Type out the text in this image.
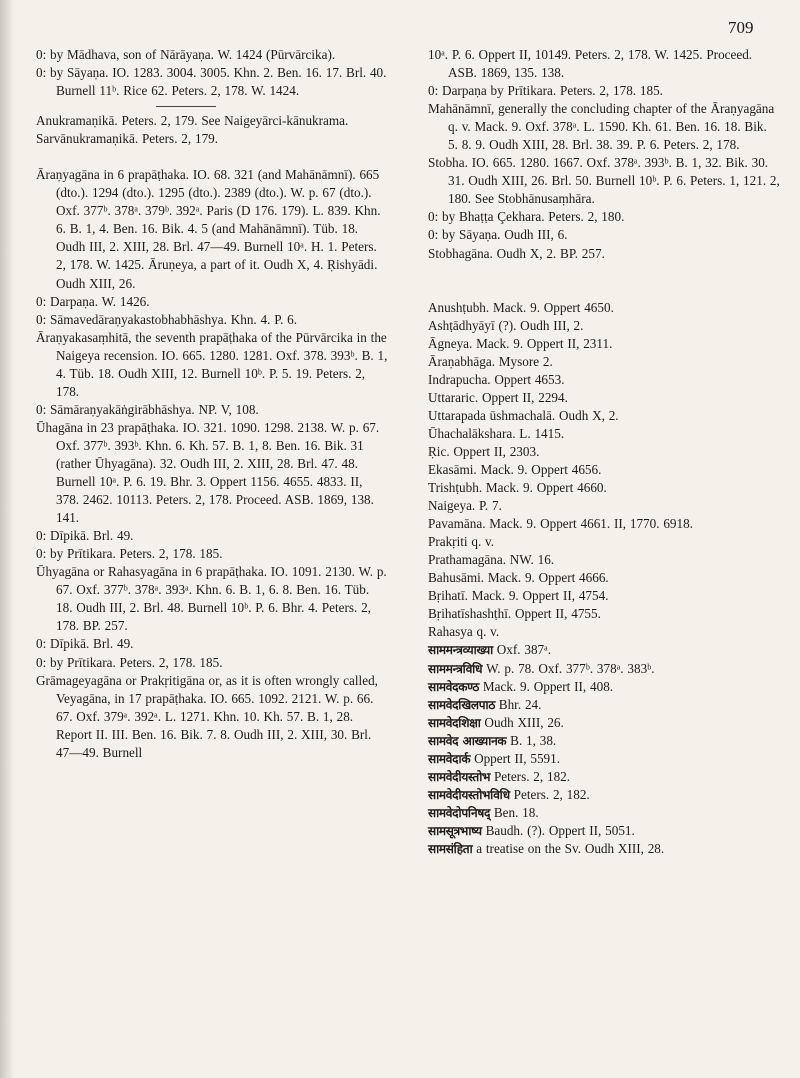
709

0: by Mādhava, son of Nārāyaṇa. W. 1424 (Pūrvārcika).

0: by Sāyaṇa. IO. 1283. 3004. 3005. Khn. 2. Ben. 16. 17. Brl. 40. Burnell 11ᵇ. Rice 62. Peters. 2, 178. W. 1424.

Anukramaṇikā. Peters. 2, 179. See Naigeyārci-kānukrama.

Sarvānukramaṇikā. Peters. 2, 179.

Āraṇyagāna in 6 prapāṭhaka. IO. 68. 321 (and Mahānāmnī). 665 (dto.). 1294 (dto.). 1295 (dto.). 2389 (dto.). W. p. 67 (dto.). Oxf. 377ᵇ. 378ᵃ. 379ᵇ. 392ᵃ. Paris (D 176. 179). L. 839. Khn. 6. B. 1, 4. Ben. 16. Bik. 4. 5 (and Mahānāmnī). Tüb. 18. Oudh III, 2. XIII, 28. Brl. 47—49. Burnell 10ᵃ. H. 1. Peters. 2, 178. W. 1425. Āruṇeya, a part of it. Oudh X, 4. Ṛishyādi. Oudh XIII, 26.

0: Darpaṇa. W. 1426.

0: Sāmavedāraṇyakastobhabhāshya. Khn. 4. P. 6.

Āraṇyakasaṃhitā, the seventh prapāṭhaka of the Pūrvārcika in the Naigeya recension. IO. 665. 1280. 1281. Oxf. 378. 393ᵇ. B. 1, 4. Tüb. 18. Oudh XIII, 12. Burnell 10ᵇ. P. 5. 19. Peters. 2, 178.

0: Sāmāraṇyakāṅgirābhāshya. NP. V, 108.

Ūhagāna in 23 prapāṭhaka. IO. 321. 1090. 1298. 2138. W. p. 67. Oxf. 377ᵇ. 393ᵇ. Khn. 6. Kh. 57. B. 1, 8. Ben. 16. Bik. 31 (rather Ūhyagāna). 32. Oudh III, 2. XIII, 28. Brl. 47. 48. Burnell 10ᵃ. P. 6. 19. Bhr. 3. Oppert 1156. 4655. 4833. II, 378. 2462. 10113. Peters. 2, 178. Proceed. ASB. 1869, 138. 141.

0: Dīpikā. Brl. 49.

0: by Prītikara. Peters. 2, 178. 185.

Ūhyagāna or Rahasyagāna in 6 prapāṭhaka. IO. 1091. 2130. W. p. 67. Oxf. 377ᵇ. 378ᵃ. 393ᵃ. Khn. 6. B. 1, 6. 8. Ben. 16. Tüb. 18. Oudh III, 2. Brl. 48. Burnell 10ᵇ. P. 6. Bhr. 4. Peters. 2, 178. BP. 257.

0: Dīpikā. Brl. 49.

0: by Prītikara. Peters. 2, 178. 185.

Grāmageyagāna or Prakṛitigāna or, as it is often wrongly called, Veyagāna, in 17 prapāṭhaka. IO. 665. 1092. 2121. W. p. 66. 67. Oxf. 379ᵃ. 392ᵃ. L. 1271. Khn. 10. Kh. 57. B. 1, 28. Report II. III. Ben. 16. Bik. 7. 8. Oudh III, 2. XIII, 30. Brl. 47—49. Burnell

10ᵃ. P. 6. Oppert II, 10149. Peters. 2, 178. W. 1425. Proceed. ASB. 1869, 135. 138.

0: Darpaṇa by Prītikara. Peters. 2, 178. 185.

Mahānāmnī, generally the concluding chapter of the Āraṇyagāna q. v. Mack. 9. Oxf. 378ᵃ. L. 1590. Kh. 61. Ben. 16. 18. Bik. 5. 8. 9. Oudh XIII, 28. Brl. 38. 39. P. 6. Peters. 2, 178.

Stobha. IO. 665. 1280. 1667. Oxf. 378ᵃ. 393ᵇ. B. 1, 32. Bik. 30. 31. Oudh XIII, 26. Brl. 50. Burnell 10ᵇ. P. 6. Peters. 1, 121. 2, 180. See Stobhānusaṃhāra.

0: by Bhaṭṭa Çekhara. Peters. 2, 180.

0: by Sāyaṇa. Oudh III, 6.

Stobhagāna. Oudh X, 2. BP. 257.

Anushṭubh. Mack. 9. Oppert 4650.

Ashṭādhyāyī (?). Oudh III, 2.

Āgneya. Mack. 9. Oppert II, 2311.

Āraṇabhāga. Mysore 2.

Indrapucha. Oppert 4653.

Uttararic. Oppert II, 2294.

Uttarapada ūshmachalā. Oudh X, 2.

Ūhachalākshara. L. 1415.

Ṛic. Oppert II, 2303.

Ekasāmi. Mack. 9. Oppert 4656.

Trishṭubh. Mack. 9. Oppert 4660.

Naigeya. P. 7.

Pavamāna. Mack. 9. Oppert 4661. II, 1770. 6918.

Prakṛiti q. v.

Prathamagāna. NW. 16.

Bahusāmi. Mack. 9. Oppert 4666.

Bṛihatī. Mack. 9. Oppert II, 4754.

Bṛihatīshashṭhī. Oppert II, 4755.

Rahasya q. v.

साममन्त्रव्याख्या Oxf. 387ᵃ.

साममन्त्रविधि W. p. 78. Oxf. 377ᵇ. 378ᵃ. 383ᵇ.

सामवेदकण्ठ Mack. 9. Oppert II, 408.

सामवेदखिलपाठ Bhr. 24.

सामवेदशिक्षा Oudh XIII, 26.

सामवेद आख्यानक B. 1, 38.

सामवेदार्क Oppert II, 5591.

सामवेदीयस्तोभ Peters. 2, 182.

सामवेदीयस्तोभविधि Peters. 2, 182.

सामवेदोपनिषद् Ben. 18.

सामसूत्रभाष्य Baudh. (?). Oppert II, 5051.

सामसंहिता a treatise on the Sv. Oudh XIII, 28.
